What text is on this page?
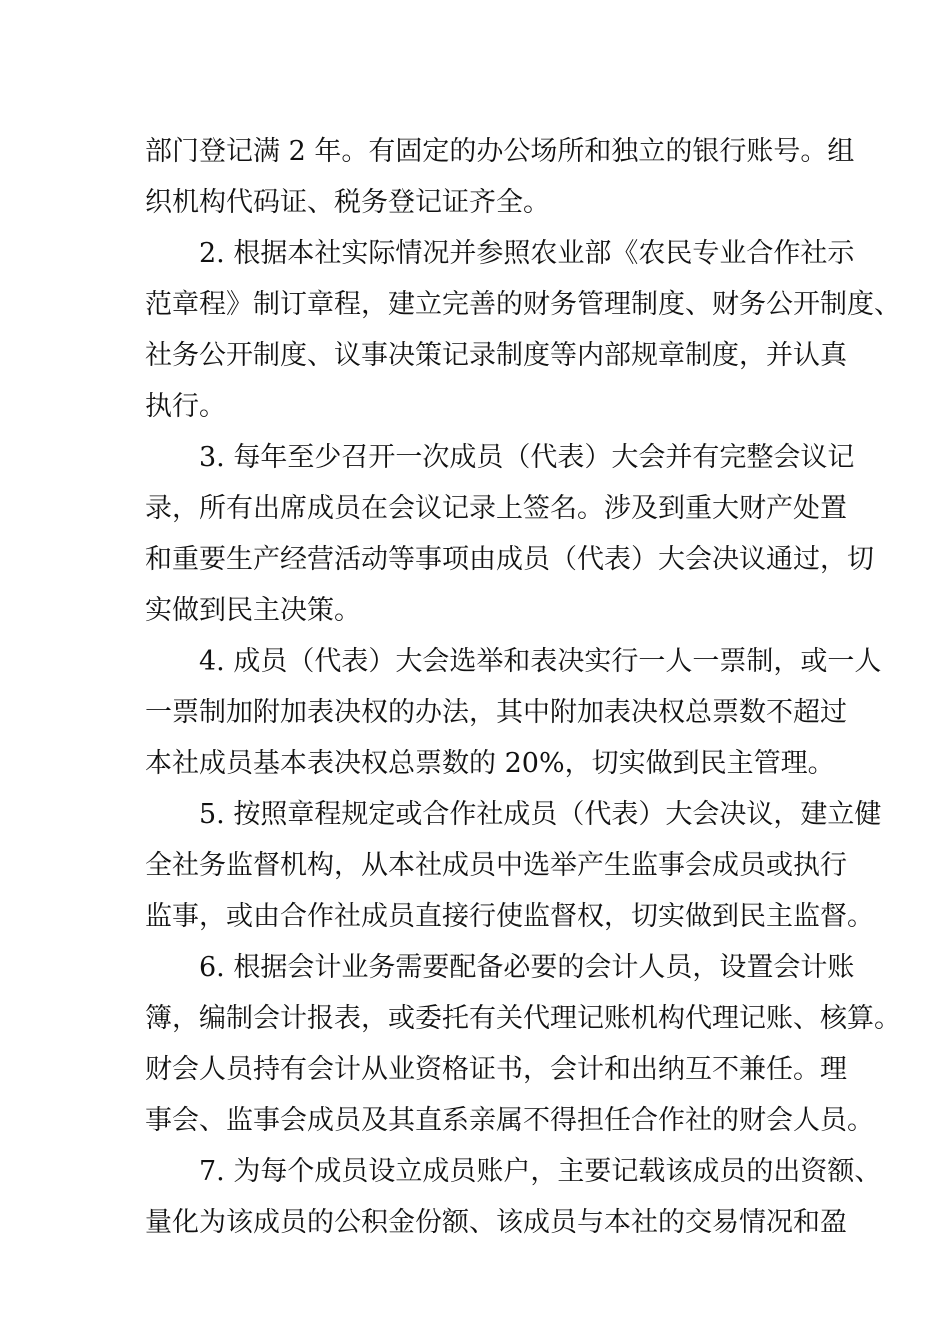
部门登记满 2 年。有固定的办公场所和独立的银行账号。组
织机构代码证、税务登记证齐全。
2. 根据本社实际情况并参照农业部《农民专业合作社示
范章程》制订章程，建立完善的财务管理制度、财务公开制度、
社务公开制度、议事决策记录制度等内部规章制度，并认真
执行。
3. 每年至少召开一次成员（代表）大会并有完整会议记
录，所有出席成员在会议记录上签名。涉及到重大财产处置
和重要生产经营活动等事项由成员（代表）大会决议通过，切
实做到民主决策。
4. 成员（代表）大会选举和表决实行一人一票制，或一人
一票制加附加表决权的办法，其中附加表决权总票数不超过
本社成员基本表决权总票数的 20%，切实做到民主管理。
5. 按照章程规定或合作社成员（代表）大会决议，建立健
全社务监督机构，从本社成员中选举产生监事会成员或执行
监事，或由合作社成员直接行使监督权，切实做到民主监督。
6. 根据会计业务需要配备必要的会计人员，设置会计账
簿，编制会计报表，或委托有关代理记账机构代理记账、核算。
财会人员持有会计从业资格证书，会计和出纳互不兼任。理
事会、监事会成员及其直系亲属不得担任合作社的财会人员。
7. 为每个成员设立成员账户，主要记载该成员的出资额、
量化为该成员的公积金份额、该成员与本社的交易情况和盈
